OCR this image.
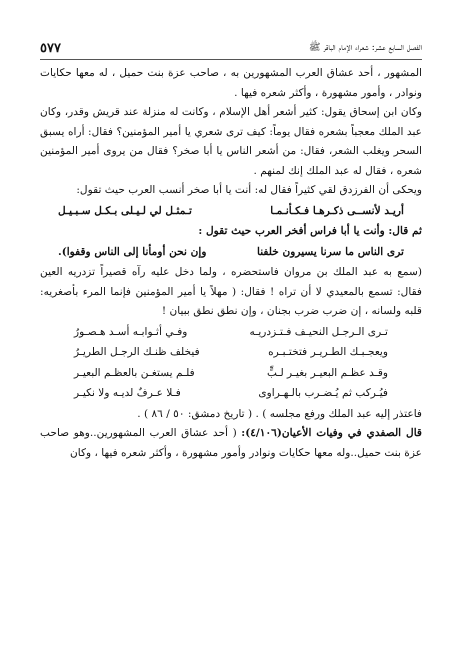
٥٧٧	الفصل السابع عشر: شعراء الإمام الباقر ﷺ

المشهور ، أحد عشاق العرب المشهورين به ، صاحب عزة بنت حميل ، له معها حكايات ونوادر ، وأمور مشهورة ، وأكثر شعره فيها .

وكان ابن إسحاق يقول: كثير أشعر أهل الإسلام ، وكانت له منزلة عند قريش وقدر، وكان عبد الملك معجباً بشعره فقال يوماً: كيف ترى شعري يا أمير المؤمنين؟ فقال: أراه يسبق السحر ويغلب الشعر، فقال: من أشعر الناس يا أبا صخر؟ فقال من يروى أمير المؤمنين شعره ، فقال له عبد الملك إنك لمنهم .

ويحكى أن الفرزدق لقي كثيراً فقال له: أنت يا أبا صخر أنسب العرب حيث تقول:

أريـد لأنســى ذكـرهـا فـكـأنـمـا
تـمثـل لي لـيـلى بـكـل سـبـيـل

ثم قال: وأنت يا أبا فراس أفخر العرب حيث تقول :

ترى الناس ما سرنا يسيرون خلفنا
وإن نحن أومأنا إلى الناس وقفوا).

(سمع به عبد الملك بن مروان فاستحضره ، ولما دخل عليه رآه قصيراً تزدريه العين فقال: تسمع بالمعيدي لا أن تراه ! فقال: ( مهلاً يا أمير المؤمنين فإنما المرء بأصغريه: قلبه ولسانه ، إن ضرب ضرب بجنان ، وإن نطق نطق ببيان !

تـرى الـرجـل النحيـف فـتـزدريـه
وفـي أثـوابـه أسـد هـصـورُ
ويعجـبـك الطـريـر فتختـبـره
فيخلف ظنـك الرجـل الطريـرُ
وقـد عظـم البعيـر بغيـر لـبٍّ
فلـم يستغـن بالعظـم البعيـر
فيُـركب ثم يُـضـرب بالـهـراوى
فـلا عـرفٌ لديـه ولا نكيـر

فاعتذر إليه عبد الملك ورفع مجلسه ) . ( تاريخ دمشق: ٥٠ / ٨٦ ) .

قال الصفدي في وفيات الأعيان(٤/١٠٦): ( أحد عشاق العرب المشهورين..وهو صاحب عزة بنت حميل..وله معها حكايات ونوادر وأمور مشهورة ، وأكثر شعره فيها ، وكان
